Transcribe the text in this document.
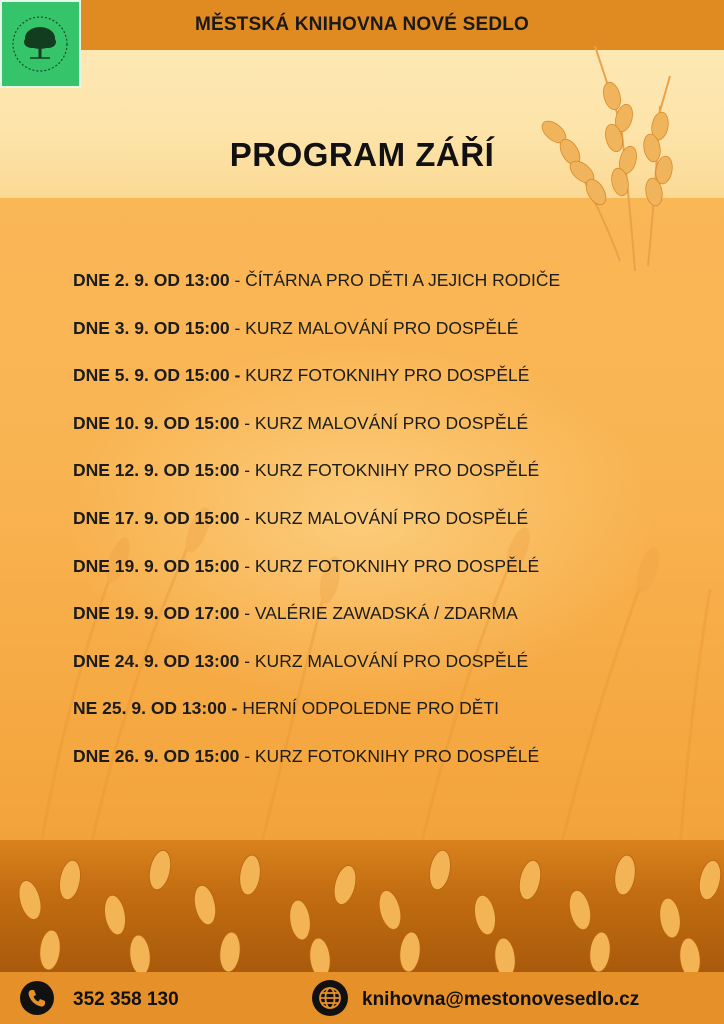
MĚSTSKÁ KNIHOVNA NOVÉ SEDLO
PROGRAM ZÁŘÍ
DNE 2. 9. OD 13:00 - ČÍTÁRNA PRO DĚTI A JEJICH RODIČE
DNE 3. 9. OD 15:00 - KURZ MALOVÁNÍ PRO DOSPĚLÉ
DNE 5. 9. OD 15:00 - KURZ FOTOKNIHY PRO DOSPĚLÉ
DNE 10. 9. OD 15:00 - KURZ MALOVÁNÍ PRO DOSPĚLÉ
DNE 12. 9. OD 15:00 - KURZ FOTOKNIHY PRO DOSPĚLÉ
DNE 17. 9. OD 15:00 - KURZ MALOVÁNÍ PRO DOSPĚLÉ
DNE 19. 9. OD 15:00 - KURZ FOTOKNIHY PRO DOSPĚLÉ
DNE 19. 9. OD 17:00 - VALÉRIE ZAWADSKÁ / ZDARMA
DNE 24. 9. OD 13:00 - KURZ MALOVÁNÍ PRO DOSPĚLÉ
NE 25. 9. OD 13:00 - HERNÍ ODPOLEDNE PRO DĚTI
DNE 26. 9. OD 15:00 - KURZ FOTOKNIHY PRO DOSPĚLÉ
352 358 130	knihovna@mestonovesedlo.cz
